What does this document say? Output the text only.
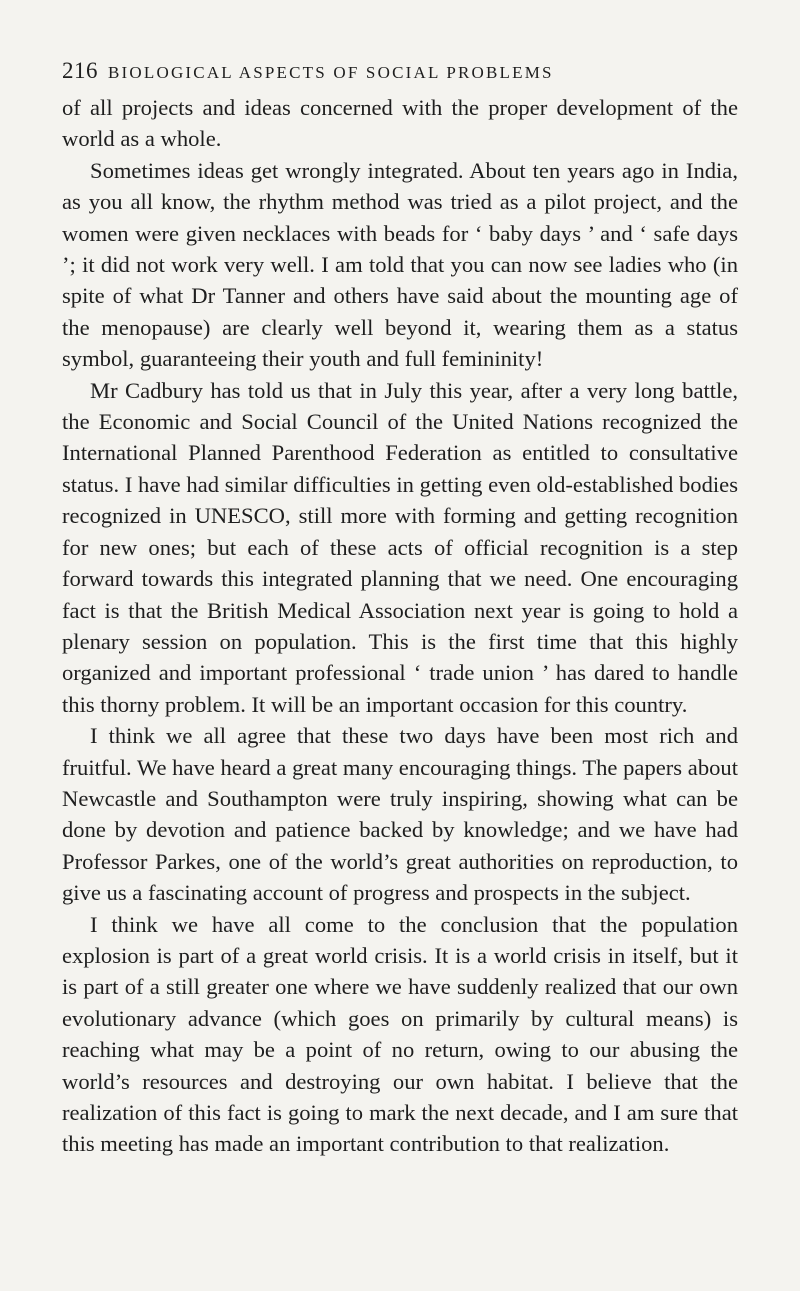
216 BIOLOGICAL ASPECTS OF SOCIAL PROBLEMS

of all projects and ideas concerned with the proper development of the world as a whole.

Sometimes ideas get wrongly integrated. About ten years ago in India, as you all know, the rhythm method was tried as a pilot project, and the women were given necklaces with beads for ‘ baby days ’ and ‘ safe days ’; it did not work very well. I am told that you can now see ladies who (in spite of what Dr Tanner and others have said about the mounting age of the menopause) are clearly well beyond it, wearing them as a status symbol, guaranteeing their youth and full femininity!

Mr Cadbury has told us that in July this year, after a very long battle, the Economic and Social Council of the United Nations recognized the International Planned Parenthood Federation as entitled to consultative status. I have had similar difficulties in getting even old-established bodies recognized in UNESCO, still more with forming and getting recognition for new ones; but each of these acts of official recognition is a step forward towards this integrated planning that we need. One encouraging fact is that the British Medical Association next year is going to hold a plenary session on population. This is the first time that this highly organized and important professional ‘ trade union ’ has dared to handle this thorny problem. It will be an important occasion for this country.

I think we all agree that these two days have been most rich and fruitful. We have heard a great many encouraging things. The papers about Newcastle and Southampton were truly inspiring, showing what can be done by devotion and patience backed by knowledge; and we have had Professor Parkes, one of the world’s great authorities on reproduction, to give us a fascinating account of progress and prospects in the subject.

I think we have all come to the conclusion that the population explosion is part of a great world crisis. It is a world crisis in itself, but it is part of a still greater one where we have suddenly realized that our own evolutionary advance (which goes on primarily by cultural means) is reaching what may be a point of no return, owing to our abusing the world’s resources and destroying our own habitat. I believe that the realization of this fact is going to mark the next decade, and I am sure that this meeting has made an important contribution to that realization.
